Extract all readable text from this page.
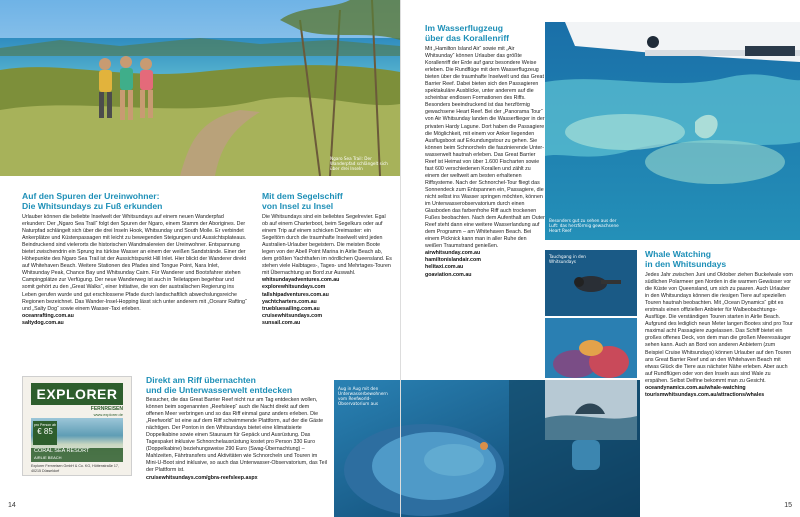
Ngaro Sea Trail: Der Wanderpfad schlängelt sich über drei Inseln
Auf den Spuren der Ureinwohner:
Die Whitsundays zu Fuß erkunden

Urlauber können die beliebte Inselwelt der Whitsundays auf einem neuen Wanderpfad erkunden: Der „Ngaro Sea Trail“ folgt den Spuren der Ngaro, einem Stamm der Aborigines. Der Naturpfad schlängelt sich über die drei Inseln Hook, Whitsunday und South Molle. Er verbindet Ankerplätze und Küstenpassagen mit leicht zu bewegenden Steigungen und Aussichtsplateaus. Beindruckend sind vielerorts die historischen Wandmalereien der Ureinwohner. Entspannung bietet zwischendrin ein Sprung ins türkise Wasser an einem der weißen Sandstrände. Einer der Höhepunkte des Ngaro Sea Trail ist der Aussichtspunkt Hill Inlet. Hier blickt der Wanderer direkt auf Whitehaven Beach. Weitere Stationen des Pfades sind Tongue Point, Nara Inlet, Whitsunday Peak, Chance Bay und Whitsunday Cairn. Für Wanderer und Bootsfahrer stehen Campingplätze zur Verfügung. Der neue Wanderweg ist auch in Teiletappen begehbar und somit gehört zu den „Great Walks“, einer Initiative, die von der australischen Regierung ins Leben gerufen wurde und gut erschlossene Pfade durch landschaftlich abwechslungsreiche Regionen bezeichnet. Das Wander-Insel-Hopping lässt sich unter anderem mit „Oceanr Rafting“ und „Salty Dog“ sowie einem Wasser-Taxi erleben.

oceanrafting.com.au
saltydog.com.au
Mit dem Segelschiff
von Insel zu Insel

Die Whitsundays sind ein beliebtes Segelrevier. Egal ob auf einem Charterboot, beim Segelkurs oder auf einem Trip auf einem schicken Dreimaster: ein Segeltörn durch die traumhafte Inselwelt wird jeden Australien-Urlauber begeistern. Die meisten Boote legen von der Abell Point Marina in Airlie Beach ab, dem größten Yachthafen im nördlichen Queensland. Es stehen viele Halbtages-, Tages- und Mehrtages-Touren mit Übernachtung an Bord zur Auswahl.

whitsundayadventures.com.au
explorewhitsundays.com
tallshipadventures.com.au
yachtcharters.com.au
truebluesailing.com.au
cruisewhitsundays.com
sunsail.com.au
EXPLORER
FERNREISEN
www.explorer.de
pro Person ab
€ 85
CORAL SEA RESORT
AIRLIE BEACH
Explorer Fernreisen GmbH & Co. KG, Hüttenstraße 17, 40215 Düsseldorf
Direkt am Riff übernachten
und die Unterwasserwelt entdecken

Besucher, die das Great Barrier Reef nicht nur am Tag entdecken wollen, können beim sogenannten „Reefsleep“ auch die Nacht direkt auf dem offenen Meer verbringen und so das Riff einmal ganz anders erleben. Die „Reefworld“ ist eine auf dem Riff schwimmende Plattform, auf der die Gäste nächtigen. Der Ponton in den Whitsundays bietet eine klimatisierte Doppelkabine sowie einen Stauraum für Gepäck und Ausrüstung. Das Tagespaket inklusive Schnorchelausrüstung kostet pro Person 330 Euro (Doppelkabine) beziehungsweise 290 Euro (Swag-Übernachtung) – Mahlzeiten, Fährtransfers und Aktivitäten wie Schnorcheln und Touren im Mini-U-Boot sind inklusive, so auch das Unterwasser-Observatorium, das Teil der Plattform ist.

cruisewhitsundays.com/gbra-reefsleep.aspx
14
Aug in Aug mit den Unterwasserbewohnern vom Reefworld-Observatorium aus
Im Wasserflugzeug
über das Korallenriff

Mit „Hamilton Island Air“ sowie mit „Air Whitsunday“ können Urlauber das größte Korallenriff der Erde auf ganz besondere Weise erleben. Die Rundflüge mit dem Wasserflugzeug bieten über die traumhafte Inselwelt und das Great Barrier Reef. Dabei bieten sich den Passagieren spektakuläre Ausblicke, unter anderem auf die scheinbar endlosen Formationen des Riffs. Besonders beeindruckend ist das herzförmig gewachsene Heart Reef. Bei der „Panorama Tour“ von Air Whitsunday landen die Wasserflieger in der privaten Hardy Lagune. Dort haben die Passagiere die Möglichkeit, mit einem vor Anker liegenden Ausflugsboot auf Erkundungstour zu gehen. Sie können beim Schnorcheln die faszinierende Unterwasserwelt hautnah erleben. Das Great Barrier Reef ist Heimat von über 1.600 Fischarten sowie fast 600 verschiedenen Korallen und zählt zu einem der weltweit am besten erhaltenen Riffsysteme. Nach der Schnorchel-Tour fliegt das Sonnendeck zum Entspannen ein, Passagiere, die nicht selbst ins Wasser springen möchten, können im Unterwasserobservatorium durch einen Glasboden das farbenfrohe Riff auch trockenen Fußes beobachten. Nach dem Aufenthalt am Outer Reef steht dann eine weitere Wasserlandung auf dem Programm – am Whitehaven Beach. Bei einem Picknick kann man in aller Ruhe den weißen Traumstrand genießen.

airwhitsunday.com.au
hamiltonislandair.com
helitaxi.com.au
goaviation.com.au
Besonders gut zu sehen aus der Luft: das herzförmig gewachsene Heart Reef
Tauchgang in den Whitsundays
Whale Watching
in den Whitsundays

Jedes Jahr zwischen Juni und Oktober ziehen Buckelwale vom südlichen Polarmeer gen Norden in die warmen Gewässer vor die Küste von Queensland, um sich zu paaren. Auch Urlauber in den Whitsundays können die riesigen Tiere auf speziellen Touren hautnah beobachten. Mit „Ocean Dynamics“ gibt es erstmals einen offiziellen Anbieter für Walbeobachtungs-Ausflüge. Die verständigen Touren starten in Airlie Beach. Aufgrund des lediglich neun Meter langen Bootes sind pro Tour maximal acht Passagiere zugelassen. Das Schiff bietet ein großes offenes Deck, von dem man die großen Meeressäuger sehen kann. Auch an Bord von anderen Anbietern (zum Beispiel Cruise Whitsundays) können Urlauber auf den Touren ans Great Barrier Reef und an den Whitehaven Beach mit etwas Glück die Tiere aus nächster Nähe erleben. Aber auch auf Rundflügen oder von den Inseln aus sind Wale zu erspähen. Selbst Delfine bekommt man zu Gesicht.

oceandynamics.com.au/whale-watching
tourismwhitsundays.com.au/attractions/whales
15
